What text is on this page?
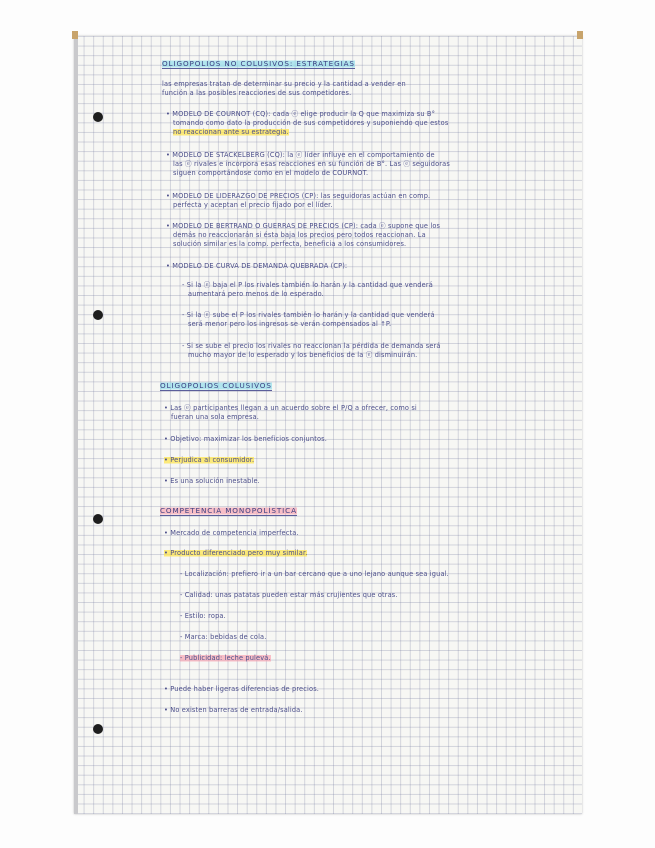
OLIGOPOLIOS NO COLUSIVOS: ESTRATEGIAS
las empresas tratan de determinar su precio y la cantidad a vender en
función a las posibles reacciones de sus competidores.
• MODELO DE COURNOT (CQ): cada ⓔ elige producir la Q que maximiza su B°
tomando como dato la producción de sus competidores y suponiendo que estos
no reaccionan ante su estrategia.
• MODELO DE STACKELBERG (CQ): la ⓔ líder influye en el comportamiento de
las ⓔ rivales e incorpora esas reacciones en su función de B°. Las ⓔ seguidoras
siguen comportándose como en el modelo de COURNOT.
• MODELO DE LIDERAZGO DE PRECIOS (CP): las seguidoras actúan en comp.
perfecta y aceptan el precio fijado por el líder.
• MODELO DE BERTRAND O GUERRAS DE PRECIOS (CP): cada ⓔ supone que los
demás no reaccionarán si ésta baja los precios pero todos reaccionan. La
solución similar es la comp. perfecta, beneficia a los consumidores.
• MODELO DE CURVA DE DEMANDA QUEBRADA (CP):
- Si la ⓔ baja el P los rivales también lo harán y la cantidad que venderá
aumentará pero menos de lo esperado.
- Si la ⓔ sube el P los rivales también lo harán y la cantidad que venderá
será menor pero los ingresos se verán compensados al ↑P.
- Si se sube el precio los rivales no reaccionan la pérdida de demanda será
mucho mayor de lo esperado y los beneficios de la ⓔ disminuirán.
OLIGOPOLIOS COLUSIVOS
• Las ⓔ participantes llegan a un acuerdo sobre el P/Q a ofrecer, como si
fueran una sola empresa.
• Objetivo: maximizar los beneficios conjuntos.
• Perjudica al consumidor.
• Es una solución inestable.
COMPETENCIA MONOPOLÍSTICA
• Mercado de competencia imperfecta.
• Producto diferenciado pero muy similar.
- Localización: prefiero ir a un bar cercano que a uno lejano aunque sea igual.
- Calidad: unas patatas pueden estar más crujientes que otras.
- Estilo: ropa.
- Marca: bebidas de cola.
- Publicidad: leche pulevá.
• Puede haber ligeras diferencias de precios.
• No existen barreras de entrada/salida.
